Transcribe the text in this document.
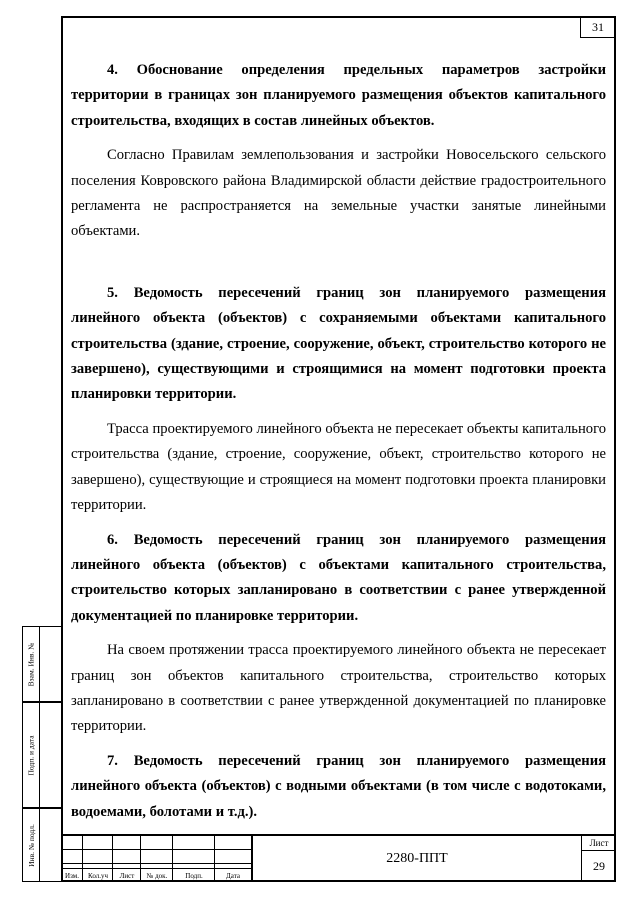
Взам. Инв. №
Подп. и дата
Инв. № подл.
31

4. Обоснование определения предельных параметров застройки территории в границах зон планируемого размещения объектов капитального строительства, входящих в состав линейных объектов.

Согласно Правилам землепользования и застройки Новосельского сельского поселения Ковровского района Владимирской области действие градостроительного регламента не распространяется на земельные участки занятые линейными объектами.

5. Ведомость пересечений границ зон планируемого размещения линейного объекта (объектов) с сохраняемыми объектами капитального строительства (здание, строение, сооружение, объект, строительство которого не завершено), существующими и строящимися на момент подготовки проекта планировки территории.

Трасса проектируемого линейного объекта не пересекает объекты капитального строительства (здание, строение, сооружение, объект, строительство которого не завершено), существующие и строящиеся на момент подготовки проекта планировки территории.

6. Ведомость пересечений границ зон планируемого размещения линейного объекта (объектов) с объектами капитального строительства, строительство которых запланировано в соответствии с ранее утвержденной документацией по планировке территории.

На своем протяжении трасса проектируемого линейного объекта не пересекает границ зон объектов капитального строительства, строительство которых запланировано в соответствии с ранее утвержденной документацией по планировке территории.

7. Ведомость пересечений границ зон планируемого размещения линейного объекта (объектов) с водными объектами (в том числе с водотоками, водоемами, болотами и т.д.).

Изм.	Кол.уч	Лист	№ док.	Подп.	Дата
2280-ППТ
Лист
29
